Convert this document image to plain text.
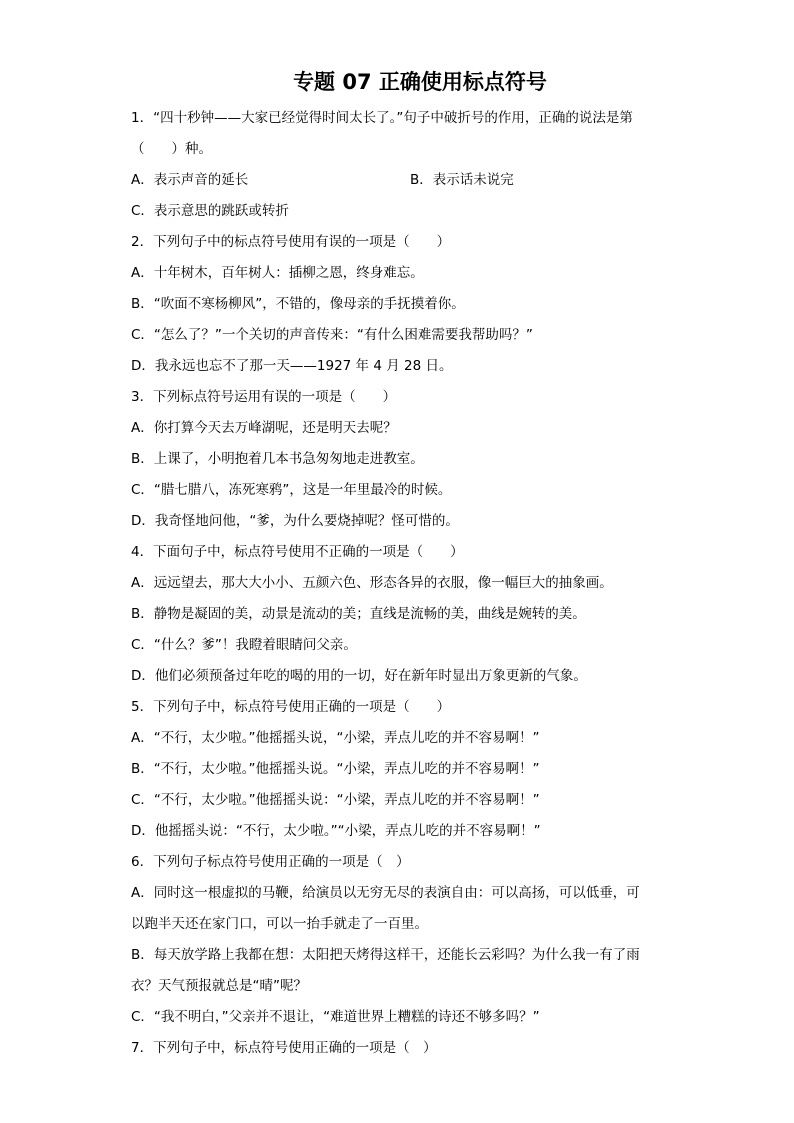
专题 07 正确使用标点符号
1．“四十秒钟——大家已经觉得时间太长了。”句子中破折号的作用，正确的说法是第
（　　）种。
A．表示声音的延长	B．表示话未说完
C．表示意思的跳跃或转折
2．下列句子中的标点符号使用有误的一项是（　　）
A．十年树木，百年树人：插柳之恩，终身难忘。
B．“吹面不寒杨柳风”，不错的，像母亲的手抚摸着你。
C．“怎么了？”一个关切的声音传来：“有什么困难需要我帮助吗？”
D．我永远也忘不了那一天——1927 年 4 月 28 日。
3．下列标点符号运用有误的一项是（　　）
A．你打算今天去万峰湖呢，还是明天去呢？
B．上课了，小明抱着几本书急匆匆地走进教室。
C．“腊七腊八，冻死寒鸦”，这是一年里最冷的时候。
D．我奇怪地问他，“爹，为什么要烧掉呢？怪可惜的。
4．下面句子中，标点符号使用不正确的一项是（　　）
A．远远望去，那大大小小、五颜六色、形态各异的衣服，像一幅巨大的抽象画。
B．静物是凝固的美，动景是流动的美；直线是流畅的美，曲线是婉转的美。
C．“什么？爹”！我瞪着眼睛问父亲。
D．他们必须预备过年吃的喝的用的一切，好在新年时显出万象更新的气象。
5．下列句子中，标点符号使用正确的一项是（　　）
A．“不行，太少啦。”他摇摇头说，“小梁，弄点儿吃的并不容易啊！”
B．“不行，太少啦。”他摇摇头说。“小梁，弄点儿吃的并不容易啊！”
C．“不行，太少啦。”他摇摇头说：“小梁，弄点儿吃的并不容易啊！”
D．他摇摇头说：“不行，太少啦。”“小梁，弄点儿吃的并不容易啊！”
6．下列句子标点符号使用正确的一项是（　）
A．同时这一根虚拟的马鞭，给演员以无穷无尽的表演自由：可以高扬，可以低垂，可
以跑半天还在家门口，可以一抬手就走了一百里。
B．每天放学路上我都在想：太阳把天烤得这样干，还能长云彩吗？为什么我一有了雨
衣？天气预报就总是“晴”呢？
C．“我不明白，”父亲并不退让，“难道世界上糟糕的诗还不够多吗？”
7．下列句子中，标点符号使用正确的一项是（　）
